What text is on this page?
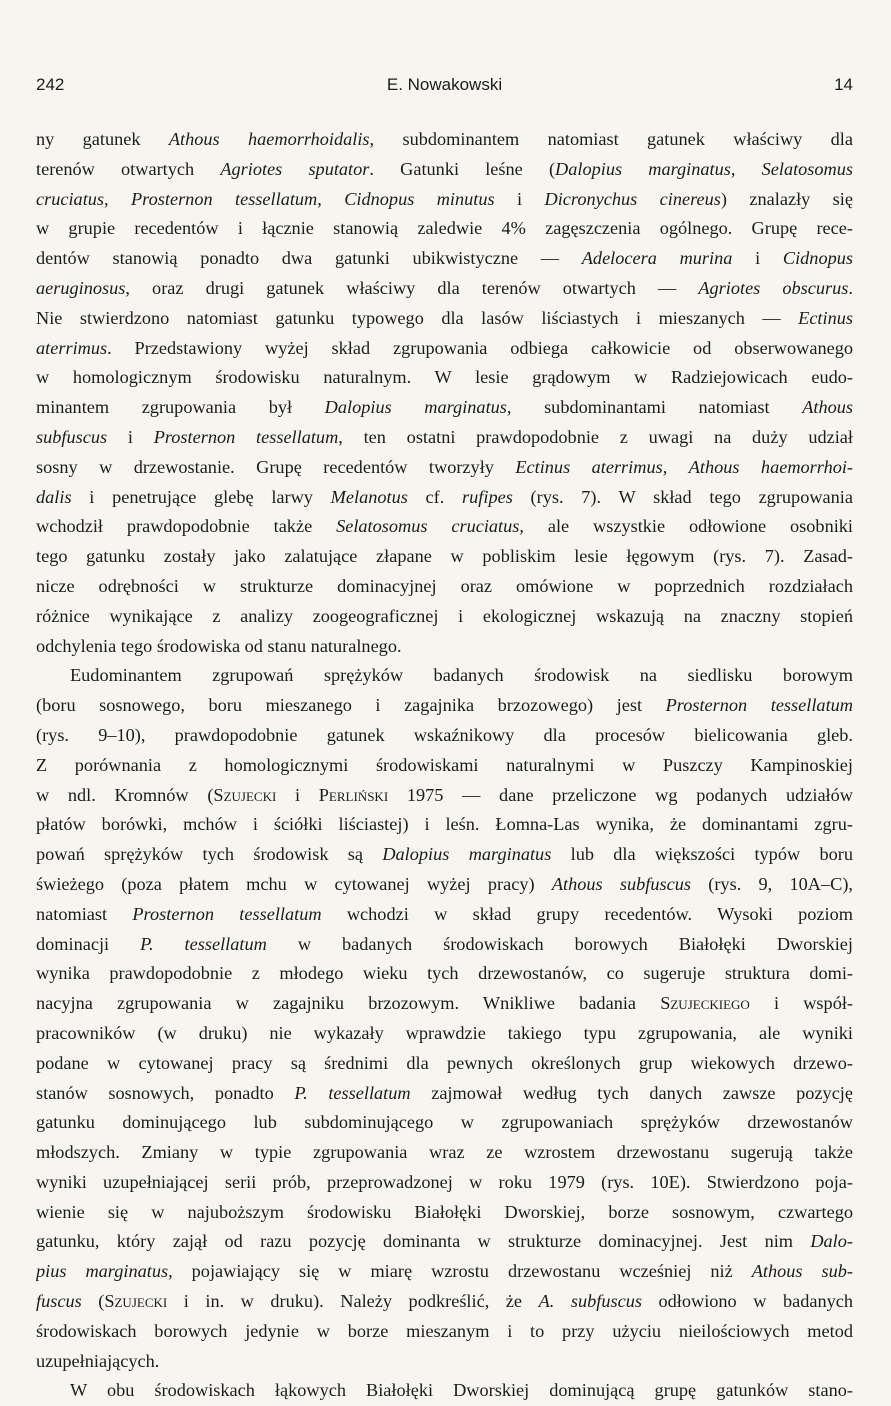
242	E. Nowakowski	14
ny gatunek Athous haemorrhoidalis, subdominantem natomiast gatunek właściwy dla
terenów otwartych Agriotes sputator. Gatunki leśne (Dalopius marginatus, Selatosomus
cruciatus, Prosternon tessellatum, Cidnopus minutus i Dicronychus cinereus) znalazły się
w grupie recedentów i łącznie stanowią zaledwie 4% zagęszczenia ogólnego. Grupę rece-
dentów stanowią ponadto dwa gatunki ubikwistyczne — Adelocera murina i Cidnopus
aeruginosus, oraz drugi gatunek właściwy dla terenów otwartych — Agriotes obscurus.
Nie stwierdzono natomiast gatunku typowego dla lasów liściastych i mieszanych — Ectinus
aterrimus. Przedstawiony wyżej skład zgrupowania odbiega całkowicie od obserwowanego
w homologicznym środowisku naturalnym. W lesie grądowym w Radziejowicach eudo-
minantem zgrupowania był Dalopius marginatus, subdominantami natomiast Athous
subfuscus i Prosternon tessellatum, ten ostatni prawdopodobnie z uwagi na duży udział
sosny w drzewostanie. Grupę recedentów tworzyły Ectinus aterrimus, Athous haemorrhoi-
dalis i penetrujące glebę larwy Melanotus cf. rufipes (rys. 7). W skład tego zgrupowania
wchodził prawdopodobnie także Selatosomus cruciatus, ale wszystkie odłowione osobniki
tego gatunku zostały jako zalatujące złapane w pobliskim lesie łęgowym (rys. 7). Zasad-
nicze odrębności w strukturze dominacyjnej oraz omówione w poprzednich rozdziałach
różnice wynikające z analizy zoogeograficznej i ekologicznej wskazują na znaczny stopień
odchylenia tego środowiska od stanu naturalnego.
Eudominantem zgrupowań sprężyków badanych środowisk na siedlisku borowym
(boru sosnowego, boru mieszanego i zagajnika brzozowego) jest Prosternon tessellatum
(rys. 9–10), prawdopodobnie gatunek wskaźnikowy dla procesów bielicowania gleb.
Z porównania z homologicznymi środowiskami naturalnymi w Puszczy Kampinoskiej
w ndl. Kromnów (Szujecki i Perliński 1975 — dane przeliczone wg podanych udziałów
płatów borówki, mchów i ściółki liściastej) i leśn. Łomna-Las wynika, że dominantami zgru-
powań sprężyków tych środowisk są Dalopius marginatus lub dla większości typów boru
świeżego (poza płatem mchu w cytowanej wyżej pracy) Athous subfuscus (rys. 9, 10A–C),
natomiast Prosternon tessellatum wchodzi w skład grupy recedentów. Wysoki poziom
dominacji P. tessellatum w badanych środowiskach borowych Białołęki Dworskiej
wynika prawdopodobnie z młodego wieku tych drzewostanów, co sugeruje struktura domi-
nacyjna zgrupowania w zagajniku brzozowym. Wnikliwe badania Szujeckiego i współ-
pracowników (w druku) nie wykazały wprawdzie takiego typu zgrupowania, ale wyniki
podane w cytowanej pracy są średnimi dla pewnych określonych grup wiekowych drzewo-
stanów sosnowych, ponadto P. tessellatum zajmował według tych danych zawsze pozycję
gatunku dominującego lub subdominującego w zgrupowaniach sprężyków drzewostanów
młodszych. Zmiany w typie zgrupowania wraz ze wzrostem drzewostanu sugerują także
wyniki uzupełniającej serii prób, przeprowadzonej w roku 1979 (rys. 10E). Stwierdzono poja-
wienie się w najuboższym środowisku Białołęki Dworskiej, borze sosnowym, czwartego
gatunku, który zajął od razu pozycję dominanta w strukturze dominacyjnej. Jest nim Dalo-
pius marginatus, pojawiający się w miarę wzrostu drzewostanu wcześniej niż Athous sub-
fuscus (Szujecki i in. w druku). Należy podkreślić, że A. subfuscus odłowiono w badanych
środowiskach borowych jedynie w borze mieszanym i to przy użyciu nieilościowych metod
uzupełniających.
W obu środowiskach łąkowych Białołęki Dworskiej dominującą grupę gatunków stano-
